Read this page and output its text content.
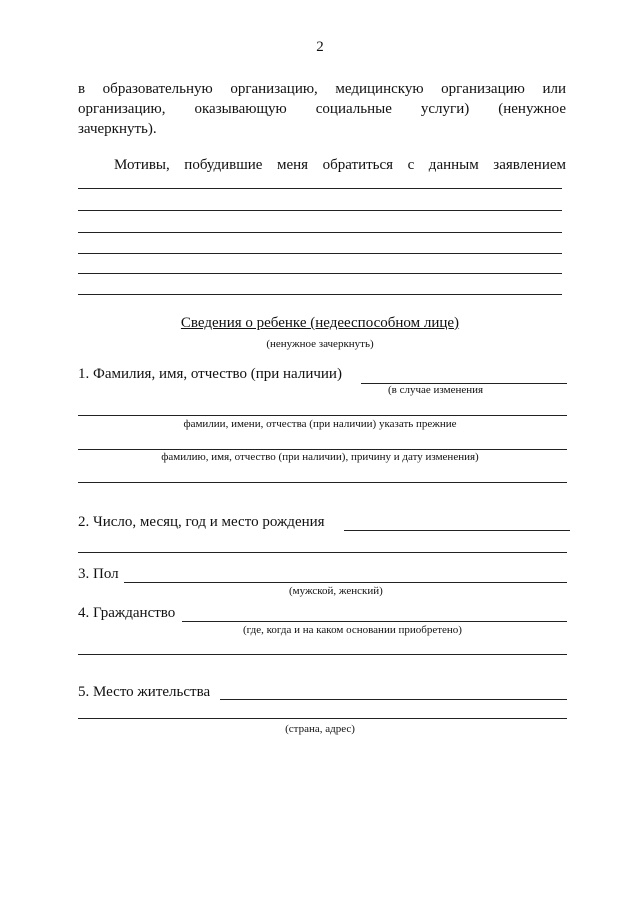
2
в образовательную организацию, медицинскую организацию или
организацию, оказывающую социальные услуги) (ненужное
зачеркнуть).
Мотивы, побудившие меня обратиться с данным заявлением
Сведения о ребенке (недееспособном лице)
(ненужное зачеркнуть)
1. Фамилия, имя, отчество (при наличии)
(в случае изменения
фамилии, имени, отчества (при наличии) указать прежние
фамилию, имя, отчество (при наличии), причину и дату изменения)
2. Число, месяц, год и место рождения
3. Пол
(мужской, женский)
4. Гражданство
(где, когда и на каком основании приобретено)
5. Место жительства
(страна, адрес)
